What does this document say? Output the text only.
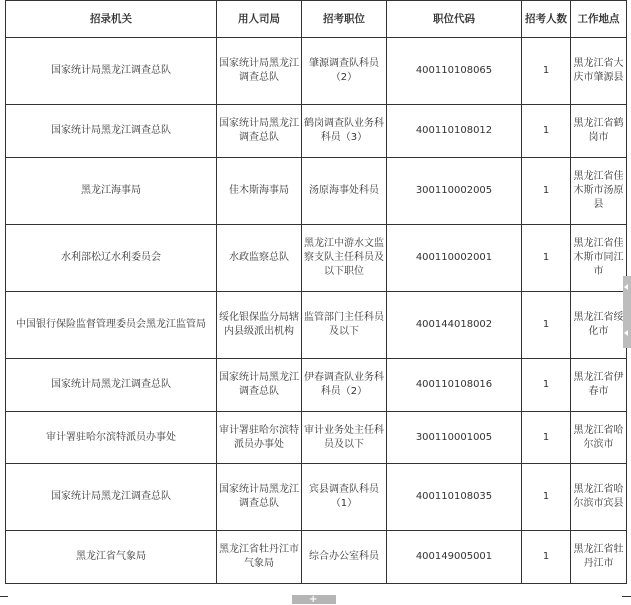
招录机关	用人司局	招考职位	职位代码	招考人数	工作地点
国家统计局黑龙江调查总队	国家统计局黑龙江调查总队	肇源调查队科员（2）	400110108065	1	黑龙江省大庆市肇源县
国家统计局黑龙江调查总队	国家统计局黑龙江调查总队	鹤岗调查队业务科科员（3）	400110108012	1	黑龙江省鹤岗市
黑龙江海事局	佳木斯海事局	汤原海事处科员	300110002005	1	黑龙江省佳木斯市汤原县
水利部松辽水利委员会	水政监察总队	黑龙江中游水文监察支队主任科员及以下职位	400110002001	1	黑龙江省佳木斯市同江市
中国银行保险监督管理委员会黑龙江监管局	绥化银保监分局辖内县级派出机构	监管部门主任科员及以下	400144018002	1	黑龙江省绥化市
国家统计局黑龙江调查总队	国家统计局黑龙江调查总队	伊春调查队业务科科员（2）	400110108016	1	黑龙江省伊春市
审计署驻哈尔滨特派员办事处	审计署驻哈尔滨特派员办事处	审计业务处主任科员及以下	300110001005	1	黑龙江省哈尔滨市
国家统计局黑龙江调查总队	国家统计局黑龙江调查总队	宾县调查队科员（1）	400110108035	1	黑龙江省哈尔滨市宾县
黑龙江省气象局	黑龙江省牡丹江市气象局	综合办公室科员	400149005001	1	黑龙江省牡丹江市
+
